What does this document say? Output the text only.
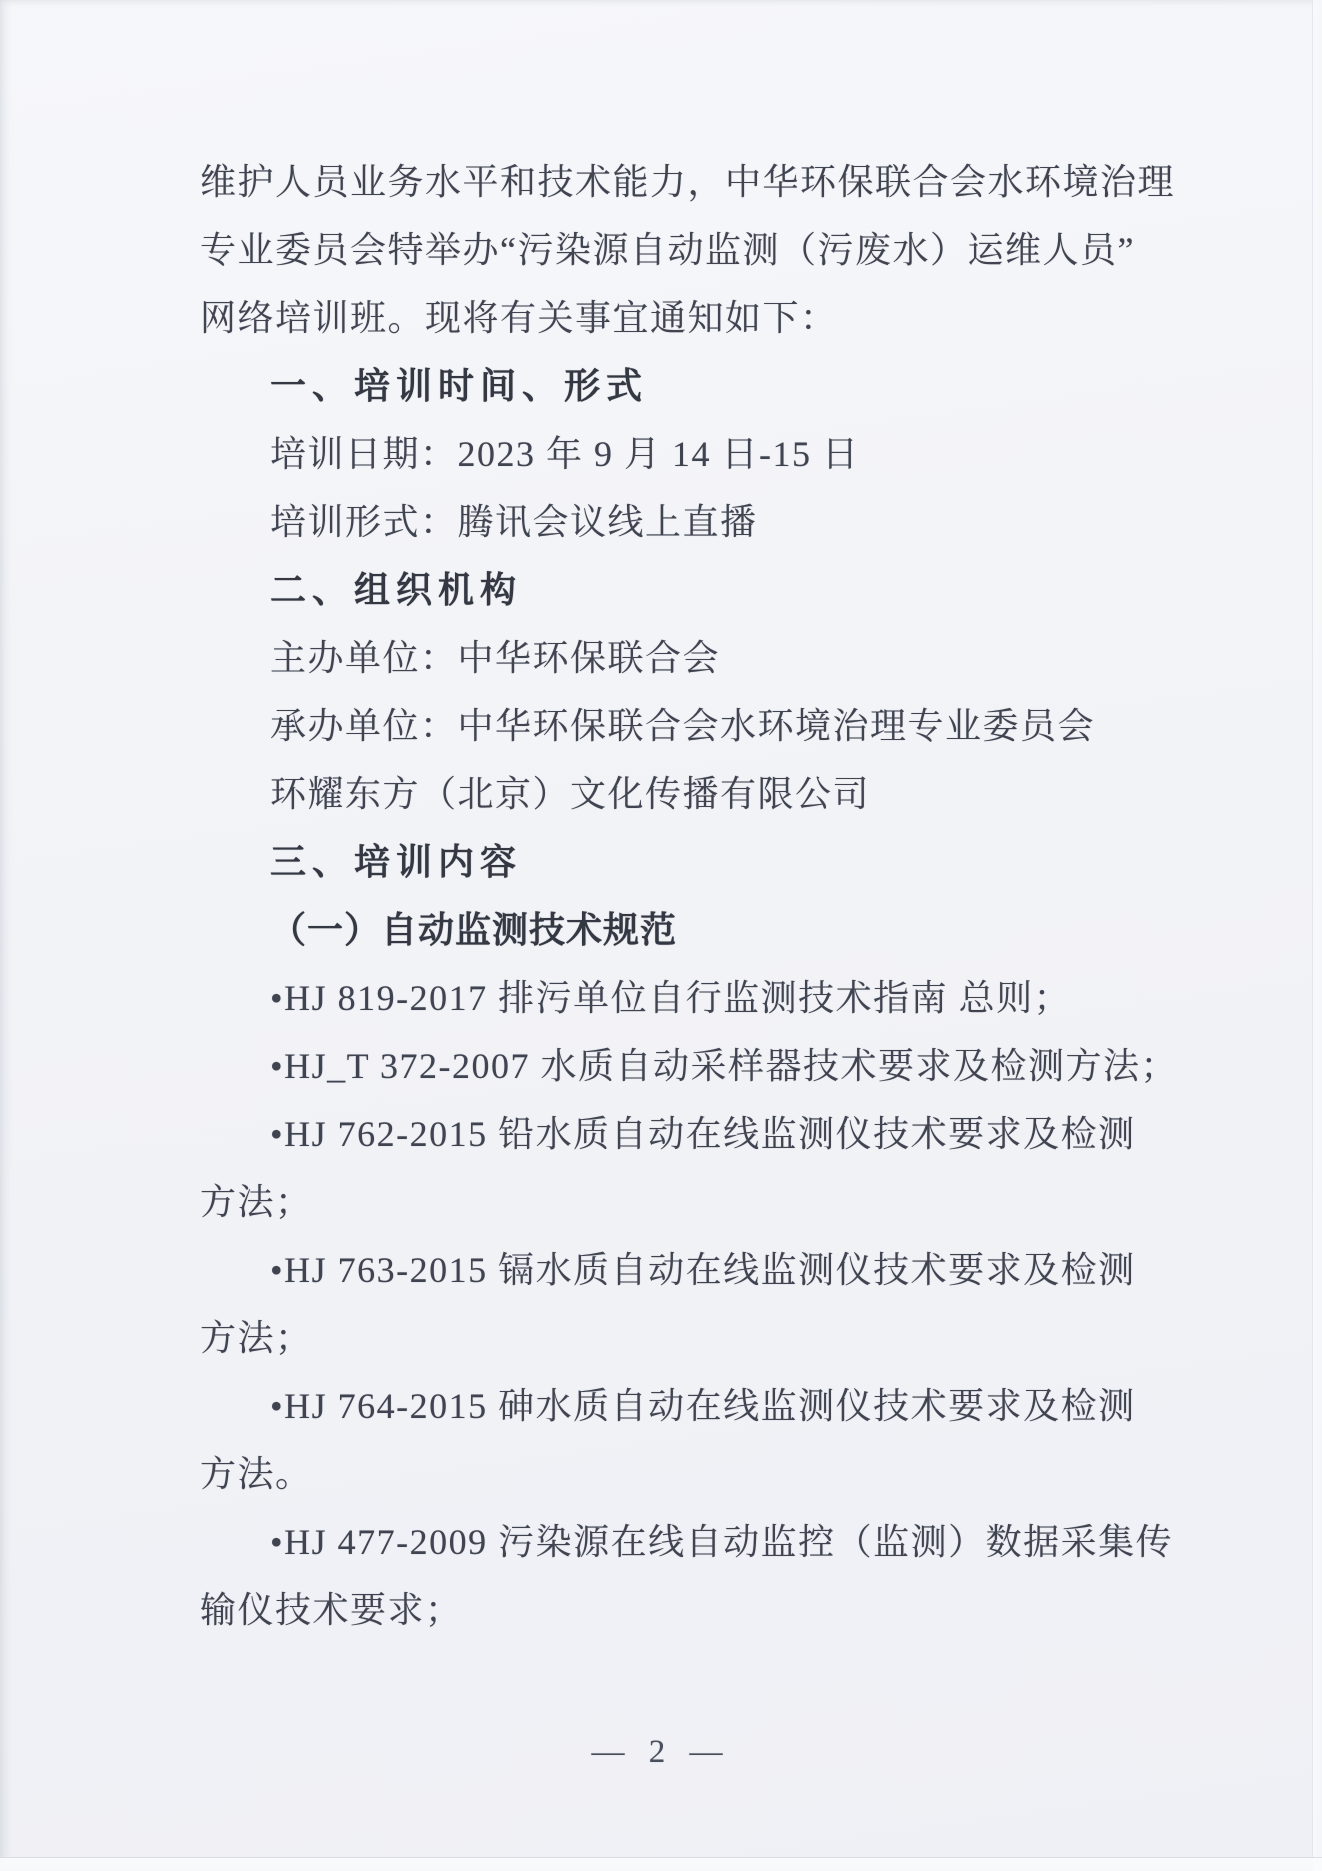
维护人员业务水平和技术能力，中华环保联合会水环境治理

专业委员会特举办“污染源自动监测（污废水）运维人员”

网络培训班。现将有关事宜通知如下：

一、培训时间、形式

培训日期：2023 年 9 月 14 日-15 日

培训形式：腾讯会议线上直播

二、组织机构

主办单位：中华环保联合会

承办单位：中华环保联合会水环境治理专业委员会

环耀东方（北京）文化传播有限公司

三、培训内容

（一）自动监测技术规范

•HJ 819-2017 排污单位自行监测技术指南 总则；

•HJ_T 372-2007 水质自动采样器技术要求及检测方法；

•HJ 762-2015 铅水质自动在线监测仪技术要求及检测

方法；

•HJ 763-2015 镉水质自动在线监测仪技术要求及检测

方法；

•HJ 764-2015 砷水质自动在线监测仪技术要求及检测

方法。

•HJ 477-2009 污染源在线自动监控（监测）数据采集传

输仪技术要求；

— 2 —
